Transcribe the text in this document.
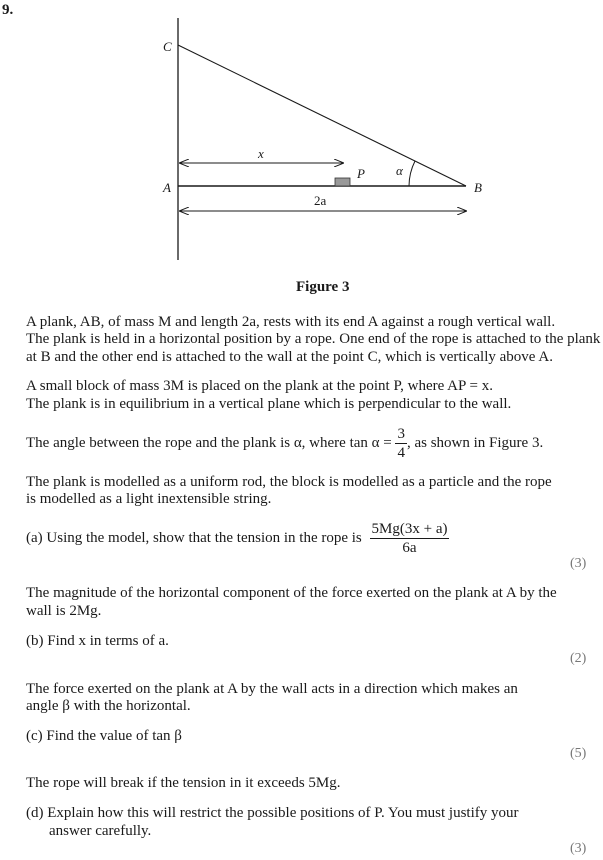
9.
C
A	B
P
x
α
2a
Figure 3
A plank, AB, of mass M and length 2a, rests with its end A against a rough vertical wall.
The plank is held in a horizontal position by a rope. One end of the rope is attached to the plank
at B and the other end is attached to the wall at the point C, which is vertically above A.
A small block of mass 3M is placed on the plank at the point P, where AP = x.
The plank is in equilibrium in a vertical plane which is perpendicular to the wall.
The angle between the rope and the plank is α, where $\tan \alpha = \frac{3}{4}$ , as shown in Figure 3.
The plank is modelled as a uniform rod, the block is modelled as a particle and the rope
is modelled as a light inextensible string.
(a) Using the model, show that the tension in the rope is $\frac{5Mg(3x + a)}{6a}$
(3)
The magnitude of the horizontal component of the force exerted on the plank at A by the
wall is 2Mg.
(b) Find x in terms of a.
(2)
The force exerted on the plank at A by the wall acts in a direction which makes an
angle β with the horizontal.
(c) Find the value of tan β
(5)
The rope will break if the tension in it exceeds 5Mg.
(d) Explain how this will restrict the possible positions of P. You must justify your
answer carefully.
(3)
